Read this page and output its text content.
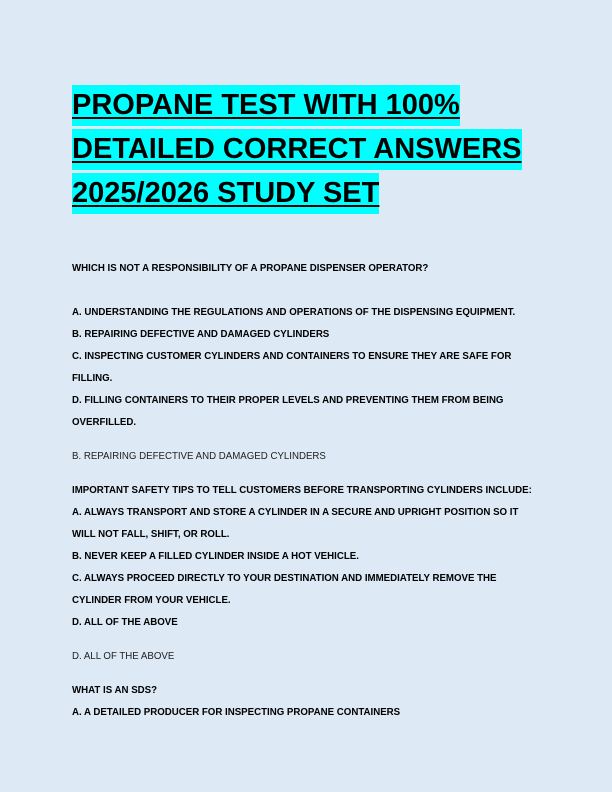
PROPANE TEST WITH 100%
DETAILED CORRECT ANSWERS
2025/2026 STUDY SET
WHICH IS NOT A RESPONSIBILITY OF A PROPANE DISPENSER OPERATOR?
A. UNDERSTANDING THE REGULATIONS AND OPERATIONS OF THE DISPENSING EQUIPMENT.
B. REPAIRING DEFECTIVE AND DAMAGED CYLINDERS
C. INSPECTING CUSTOMER CYLINDERS AND CONTAINERS TO ENSURE THEY ARE SAFE FOR FILLING.
D. FILLING CONTAINERS TO THEIR PROPER LEVELS AND PREVENTING THEM FROM BEING OVERFILLED.
B. REPAIRING DEFECTIVE AND DAMAGED CYLINDERS
IMPORTANT SAFETY TIPS TO TELL CUSTOMERS BEFORE TRANSPORTING CYLINDERS INCLUDE:
A. ALWAYS TRANSPORT AND STORE A CYLINDER IN A SECURE AND UPRIGHT POSITION SO IT WILL NOT FALL, SHIFT, OR ROLL.
B. NEVER KEEP A FILLED CYLINDER INSIDE A HOT VEHICLE.
C. ALWAYS PROCEED DIRECTLY TO YOUR DESTINATION AND IMMEDIATELY REMOVE THE CYLINDER FROM YOUR VEHICLE.
D. ALL OF THE ABOVE
D. ALL OF THE ABOVE
WHAT IS AN SDS?
A. A DETAILED PRODUCER FOR INSPECTING PROPANE CONTAINERS
